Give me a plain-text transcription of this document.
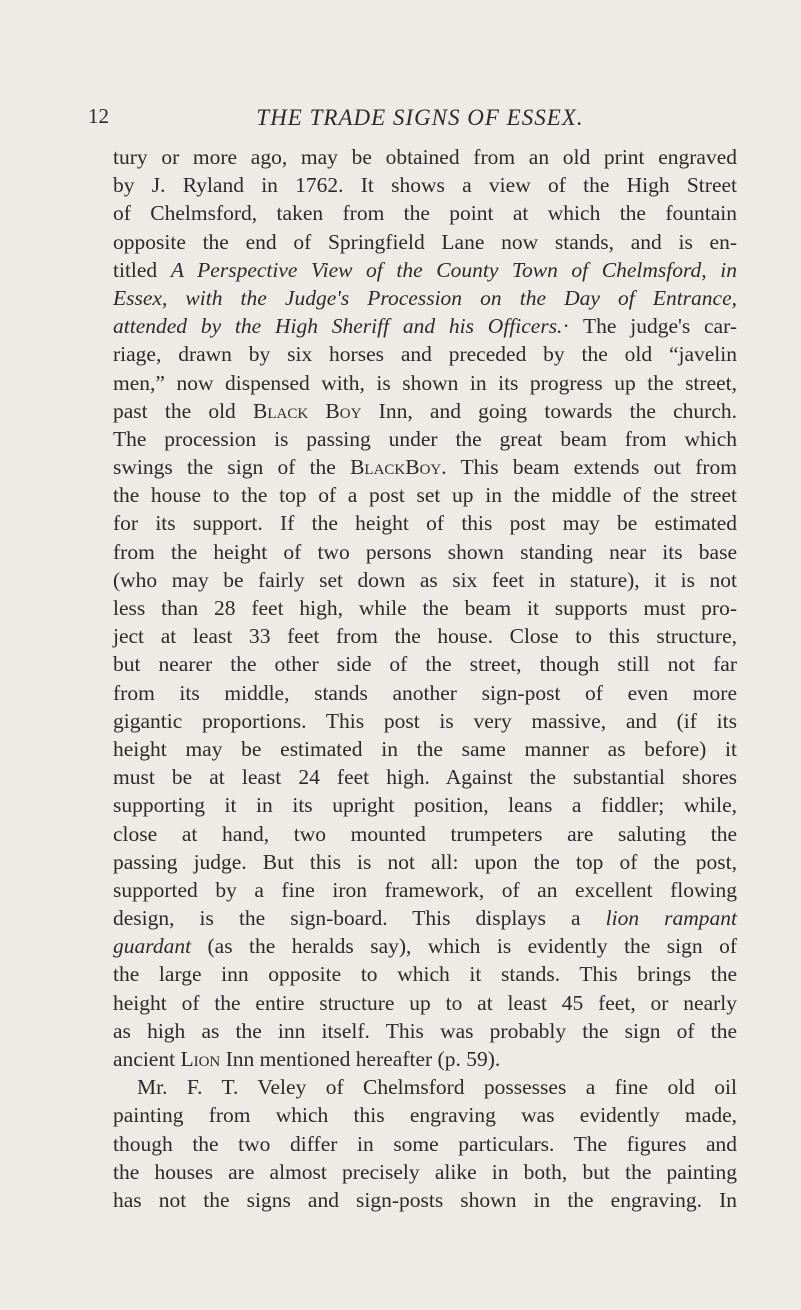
12	THE TRADE SIGNS OF ESSEX.
tury or more ago, may be obtained from an old print engraved
by J. Ryland in 1762. It shows a view of the High Street
of Chelmsford, taken from the point at which the fountain
opposite the end of Springfield Lane now stands, and is en-
titled A Perspective View of the County Town of Chelmsford, in
Essex, with the Judge's Procession on the Day of Entrance,
attended by the High Sheriff and his Officers.· The judge's car-
riage, drawn by six horses and preceded by the old “javelin
men,” now dispensed with, is shown in its progress up the street,
past the old Black Boy Inn, and going towards the church.
The procession is passing under the great beam from which
swings the sign of the BlackBoy. This beam extends out from
the house to the top of a post set up in the middle of the street
for its support. If the height of this post may be estimated
from the height of two persons shown standing near its base
(who may be fairly set down as six feet in stature), it is not
less than 28 feet high, while the beam it supports must pro-
ject at least 33 feet from the house. Close to this structure,
but nearer the other side of the street, though still not far
from its middle, stands another sign-post of even more
gigantic proportions. This post is very massive, and (if its
height may be estimated in the same manner as before) it
must be at least 24 feet high. Against the substantial shores
supporting it in its upright position, leans a fiddler; while,
close at hand, two mounted trumpeters are saluting the
passing judge. But this is not all: upon the top of the post,
supported by a fine iron framework, of an excellent flowing
design, is the sign-board. This displays a lion rampant
guardant (as the heralds say), which is evidently the sign of
the large inn opposite to which it stands. This brings the
height of the entire structure up to at least 45 feet, or nearly
as high as the inn itself. This was probably the sign of the
ancient Lion Inn mentioned hereafter (p. 59).
Mr. F. T. Veley of Chelmsford possesses a fine old oil
painting from which this engraving was evidently made,
though the two differ in some particulars. The figures and
the houses are almost precisely alike in both, but the painting
has not the signs and sign-posts shown in the engraving. In
